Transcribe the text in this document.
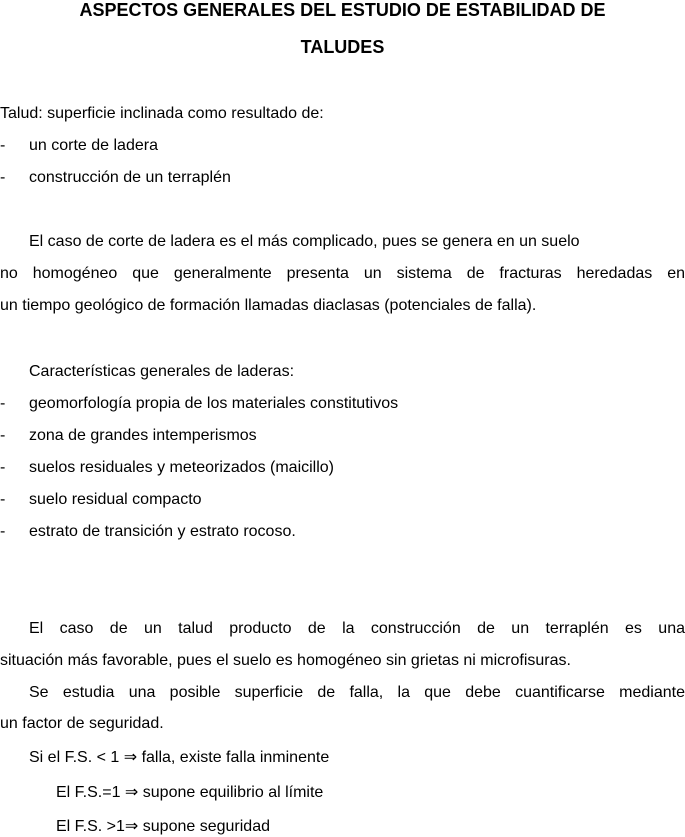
ASPECTOS GENERALES DEL ESTUDIO DE ESTABILIDAD DE

TALUDES

Talud: superficie inclinada como resultado de:

- un corte de ladera
- construcción de un terraplén

El caso de corte de ladera es el más complicado, pues se genera en un suelo

no homogéneo que generalmente presenta un sistema de fracturas heredadas en

un tiempo geológico de formación llamadas diaclasas (potenciales de falla).

Características generales de laderas:

- geomorfología propia de los materiales constitutivos
- zona de grandes intemperismos
- suelos residuales y meteorizados (maicillo)
- suelo residual compacto
- estrato de transición y estrato rocoso.

El caso de un talud producto de la construcción de un terraplén es una

situación más favorable, pues el suelo es homogéneo sin grietas ni microfisuras.

Se estudia una posible superficie de falla, la que debe cuantificarse mediante

un factor de seguridad.

Si el F.S. < 1 ⇒ falla, existe falla inminente

El F.S.=1 ⇒ supone equilibrio al límite

El F.S. >1⇒ supone seguridad
